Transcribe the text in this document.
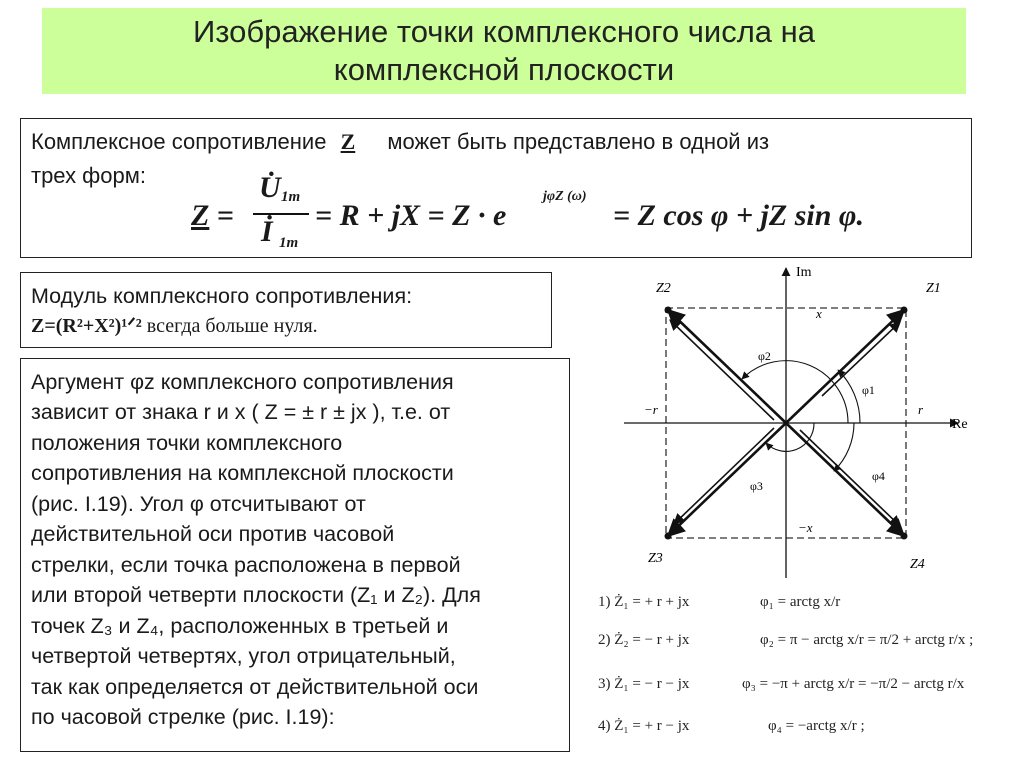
Изображение точки комплексного числа на
комплексной плоскости
Комплексное сопротивление Z может быть представлено в одной из
трех форм:
Z =
U̇ 1m
İ 1m
= R + jX = Z · e
jφZ (ω)
= Z cos φ + jZ sin φ.
Модуль комплексного сопротивления:
Z=(R²+X²)¹ᐟ² всегда больше нуля.
Аргумент φz комплексного сопротивления
зависит от знака r и x ( Z = ± r ± jx ), т.е. от
положения точки комплексного
сопротивления на комплексной плоскости
(рис. I.19). Угол φ отсчитывают от
действительной оси против часовой
стрелки, если точка расположена в первой
или второй четверти плоскости (Z₁ и Z₂). Для
точек Z₃ и Z₄, расположенных в третьей и
четвертой четвертях, угол отрицательный,
так как определяется от действительной оси
по часовой стрелке (рис. I.19):
Im
Re
Z2	Z1
Z3	Z4
x
−x
r
−r
φ2
φ1
φ3
φ4
1) Ż₁ = + r + jx	φ₁ = arctg x/r
2) Ż₂ = − r + jx	φ₂ = π − arctg x/r = π/2 + arctg r/x ;
3) Ż₁ = − r − jx	φ₃ = −π + arctg x/r = −π/2 − arctg r/x
4) Ż₁ = + r − jx	φ₄ = −arctg x/r ;
